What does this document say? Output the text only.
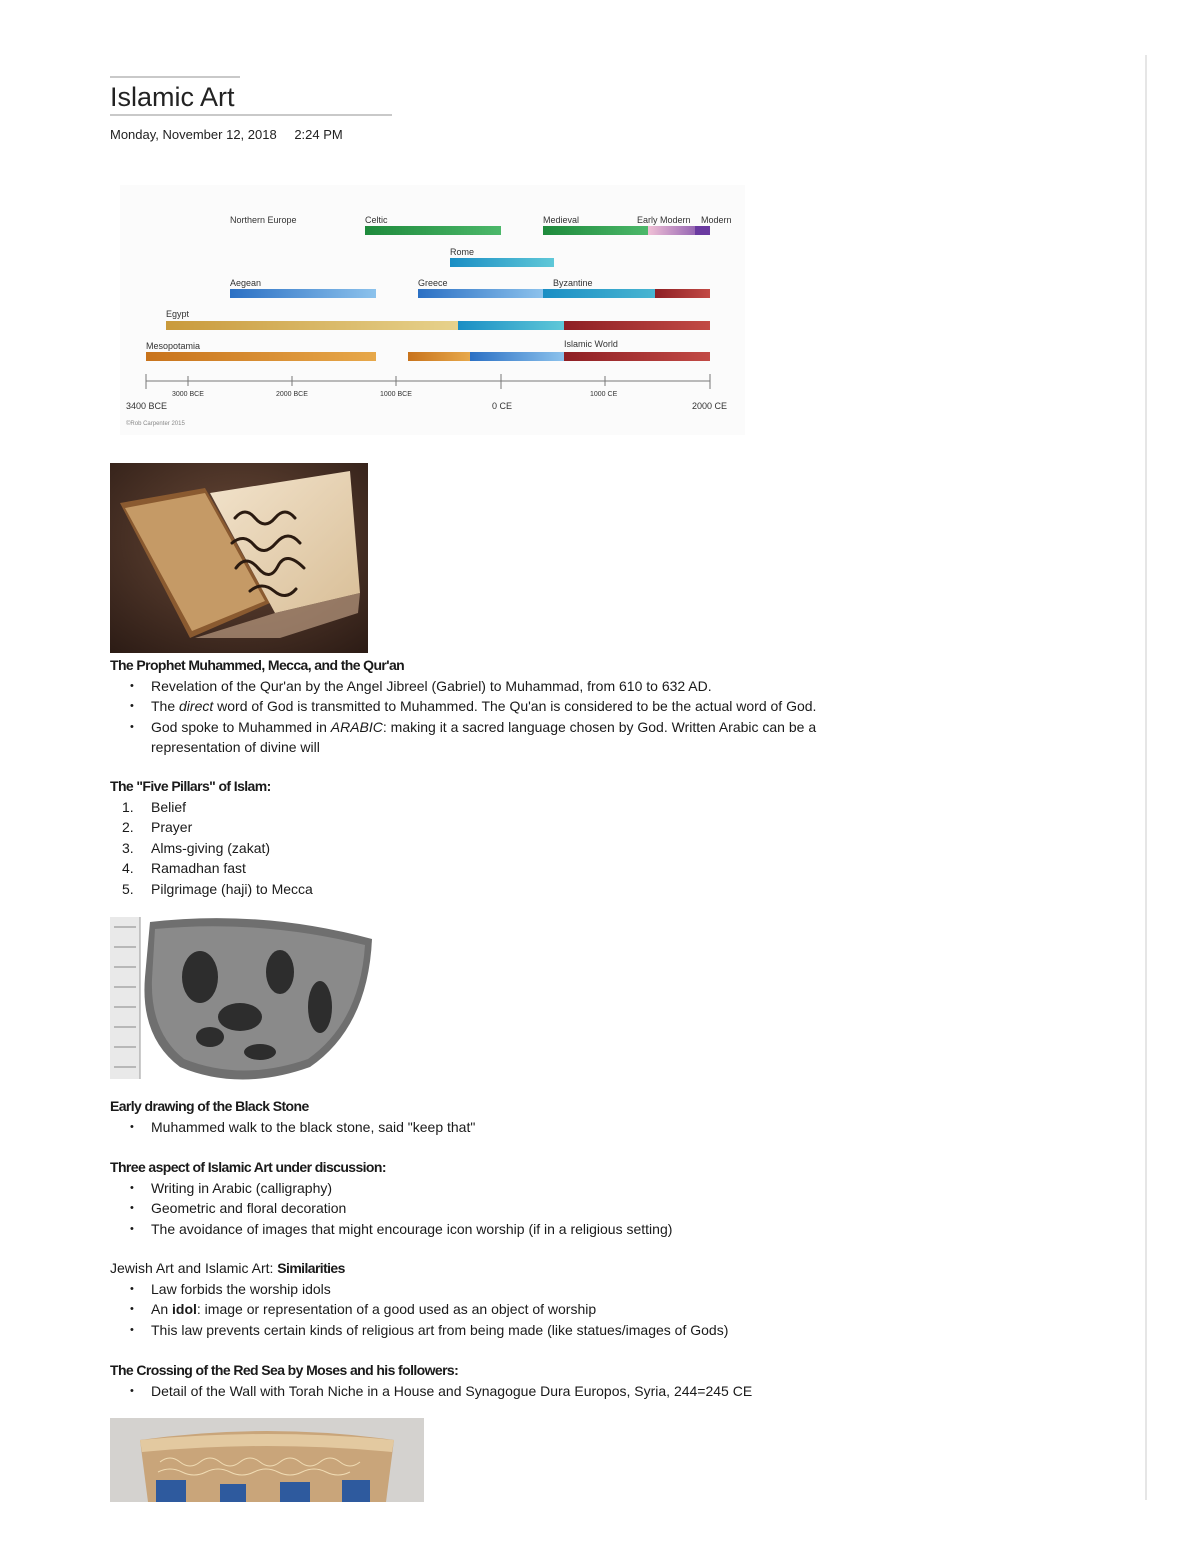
Islamic Art
Monday, November 12, 2018 2:24 PM
Northern Europe	Celtic	Medieval	Early Modern Modern
Rome
Aegean	Greece	Byzantine
Egypt
Mesopotamia	Islamic World
3400 BCE
3000 BCE	2000 BCE	1000 BCE
0 CE
1000 CE
2000 CE
©Rob Carpenter 2015
The Prophet Muhammed, Mecca, and the Qur'an
• Revelation of the Qur'an by the Angel Jibreel (Gabriel) to Muhammad, from 610 to 632 AD.
• The direct word of God is transmitted to Muhammed. The Qu'an is considered to be the actual word of God.
• God spoke to Muhammed in ARABIC: making it a sacred language chosen by God. Written Arabic can be a representation of divine will
The "Five Pillars" of Islam:
1.	Belief
2.	Prayer
3.	Alms-giving (zakat)
4.	Ramadhan fast
5.	Pilgrimage (haji) to Mecca
Early drawing of the Black Stone
• Muhammed walk to the black stone, said "keep that"
Three aspect of Islamic Art under discussion:
• Writing in Arabic (calligraphy)
• Geometric and floral decoration
• The avoidance of images that might encourage icon worship (if in a religious setting)
Jewish Art and Islamic Art: Similarities
• Law forbids the worship idols
• An idol: image or representation of a good used as an object of worship
• This law prevents certain kinds of religious art from being made (like statues/images of Gods)
The Crossing of the Red Sea by Moses and his followers:
• Detail of the Wall with Torah Niche in a House and Synagogue Dura Europos, Syria, 244=245 CE
